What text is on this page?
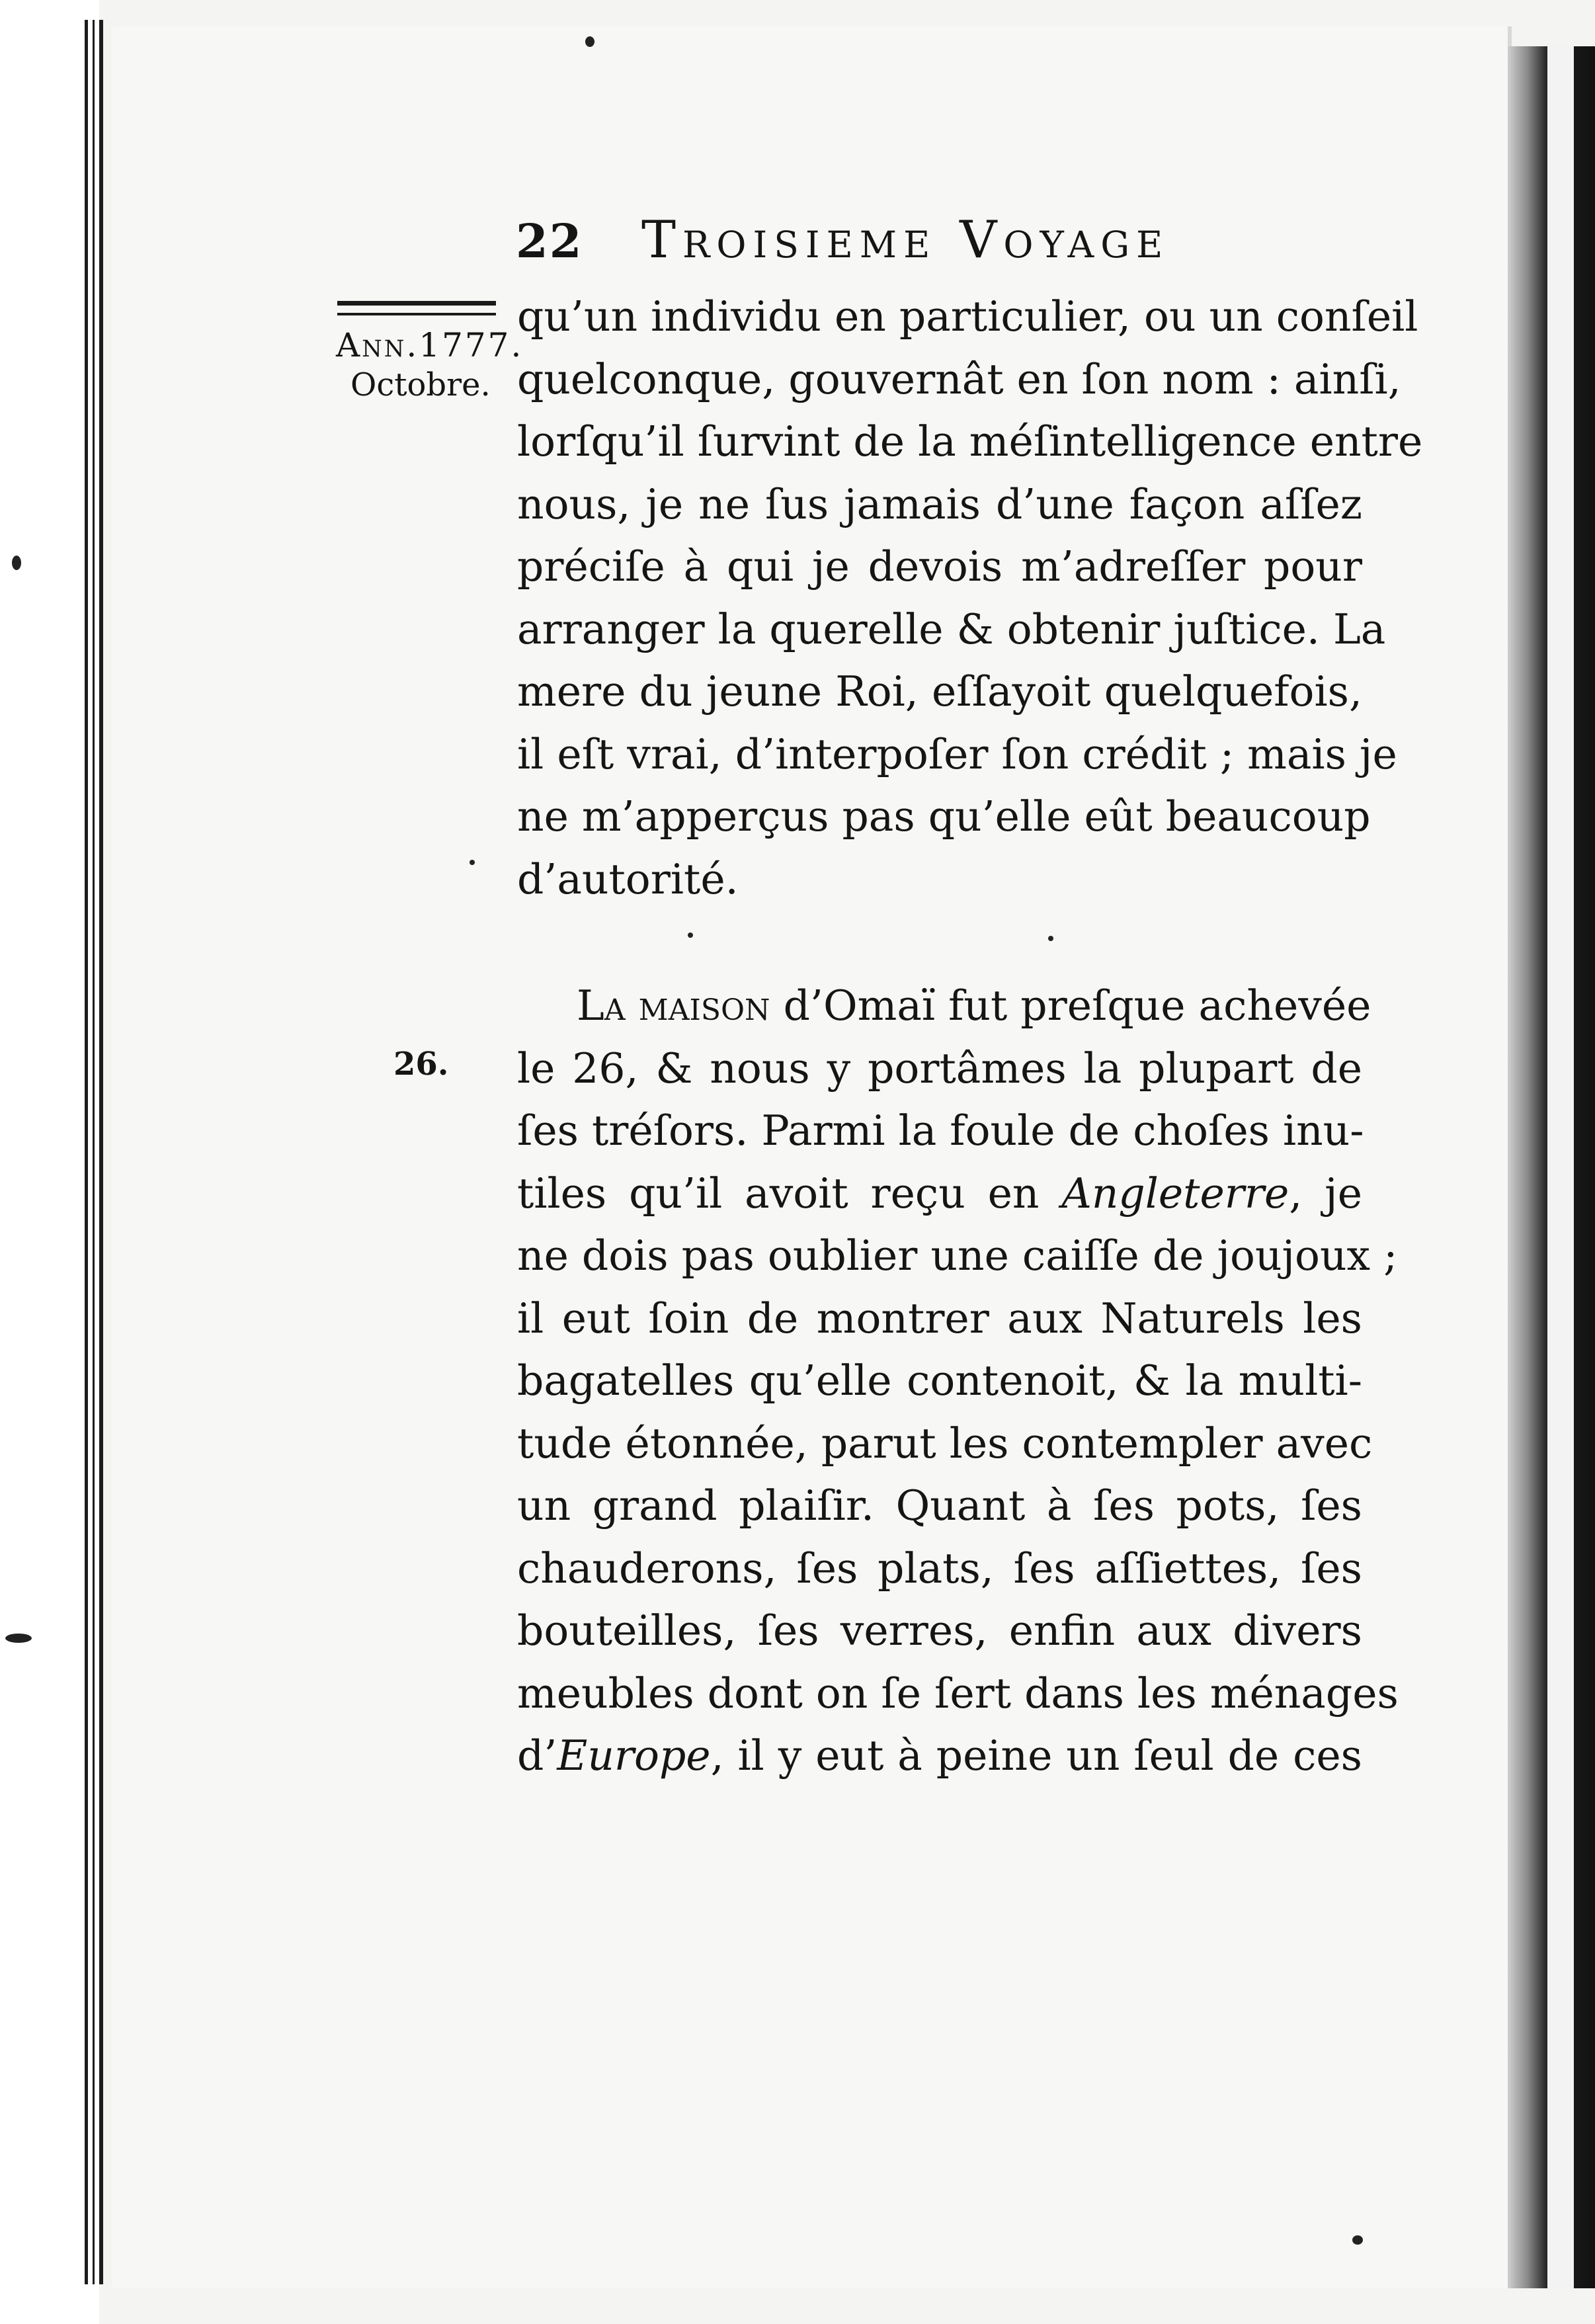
22	Troisieme Voyage
Ann.1777.
Octobre.
26.
qu’un individu en particulier, ou un conſeil
quelconque, gouvernât en ſon nom : ainſi,
lorſqu’il ſurvint de la méſintelligence entre
nous, je ne ſus jamais d’une façon aſſez
préciſe à qui je devois m’adreſſer pour
arranger la querelle & obtenir juſtice. La
mere du jeune Roi, eſſayoit quelquefois,
il eſt vrai, d’interpoſer ſon crédit ; mais je
ne m’apperçus pas qu’elle eût beaucoup
d’autorité.
La maison d’Omaï fut preſque achevée
le 26, & nous y portâmes la plupart de
ſes tréſors. Parmi la foule de choſes inu-
tiles qu’il avoit reçu en Angleterre, je
ne dois pas oublier une caiſſe de joujoux ;
il eut ſoin de montrer aux Naturels les
bagatelles qu’elle contenoit, & la multi-
tude étonnée, parut les contempler avec
un grand plaiſir. Quant à ſes pots, ſes
chauderons, ſes plats, ſes aſſiettes, ſes
bouteilles, ſes verres, enfin aux divers
meubles dont on ſe ſert dans les ménages
d’Europe, il y eut à peine un ſeul de ces
